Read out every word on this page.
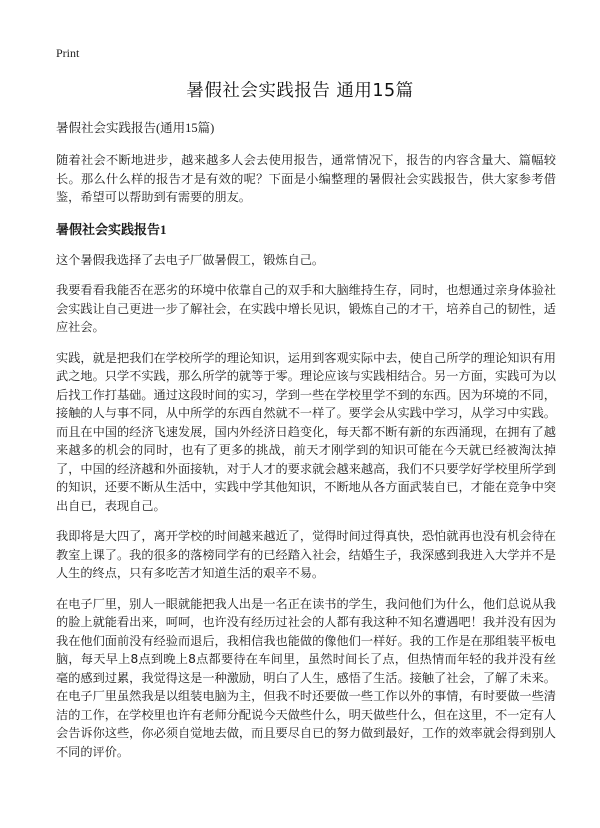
Print
暑假社会实践报告 通用15篇
暑假社会实践报告(通用15篇)

随着社会不断地进步，越来越多人会去使用报告，通常情况下，报告的内容含量大、篇幅较长。那么什么样的报告才是有效的呢？下面是小编整理的暑假社会实践报告，供大家参考借鉴，希望可以帮助到有需要的朋友。

暑假社会实践报告1

这个暑假我选择了去电子厂做暑假工，锻炼自己。

我要看看我能否在恶劣的环境中依靠自己的双手和大脑维持生存，同时，也想通过亲身体验社会实践让自己更进一步了解社会，在实践中增长见识，锻炼自己的才干，培养自己的韧性，适应社会。

实践，就是把我们在学校所学的理论知识，运用到客观实际中去，使自己所学的理论知识有用武之地。只学不实践，那么所学的就等于零。理论应该与实践相结合。另一方面，实践可为以后找工作打基础。通过这段时间的实习，学到一些在学校里学不到的东西。因为环境的不同，接触的人与事不同，从中所学的东西自然就不一样了。要学会从实践中学习，从学习中实践。而且在中国的经济飞速发展，国内外经济日趋变化，每天都不断有新的东西涌现，在拥有了越来越多的机会的同时，也有了更多的挑战，前天才刚学到的知识可能在今天就已经被淘汰掉了，中国的经济越和外面接轨，对于人才的要求就会越来越高，我们不只要学好学校里所学到的知识，还要不断从生活中，实践中学其他知识，不断地从各方面武装自已，才能在竞争中突出自已，表现自己。

我即将是大四了，离开学校的时间越来越近了，觉得时间过得真快，恐怕就再也没有机会待在教室上课了。我的很多的落榜同学有的已经踏入社会，结婚生子，我深感到我进入大学并不是人生的终点，只有多吃苦才知道生活的艰辛不易。

在电子厂里，别人一眼就能把我人出是一名正在读书的学生，我问他们为什么，他们总说从我的脸上就能看出来，呵呵，也许没有经历过社会的人都有我这种不知名遭遇吧！我并没有因为我在他们面前没有经验而退后，我相信我也能做的像他们一样好。我的工作是在那组装平板电脑，每天早上8点到晚上8点都要待在车间里，虽然时间长了点，但热情而年轻的我并没有丝毫的感到过累，我觉得这是一种激励，明白了人生，感悟了生活。接触了社会，了解了未来。在电子厂里虽然我是以组装电脑为主，但我不时还要做一些工作以外的事情，有时要做一些清洁的工作，在学校里也许有老师分配说今天做些什么，明天做些什么，但在这里，不一定有人会告诉你这些，你必须自觉地去做，而且要尽自已的努力做到最好，工作的效率就会得到别人不同的评价。
